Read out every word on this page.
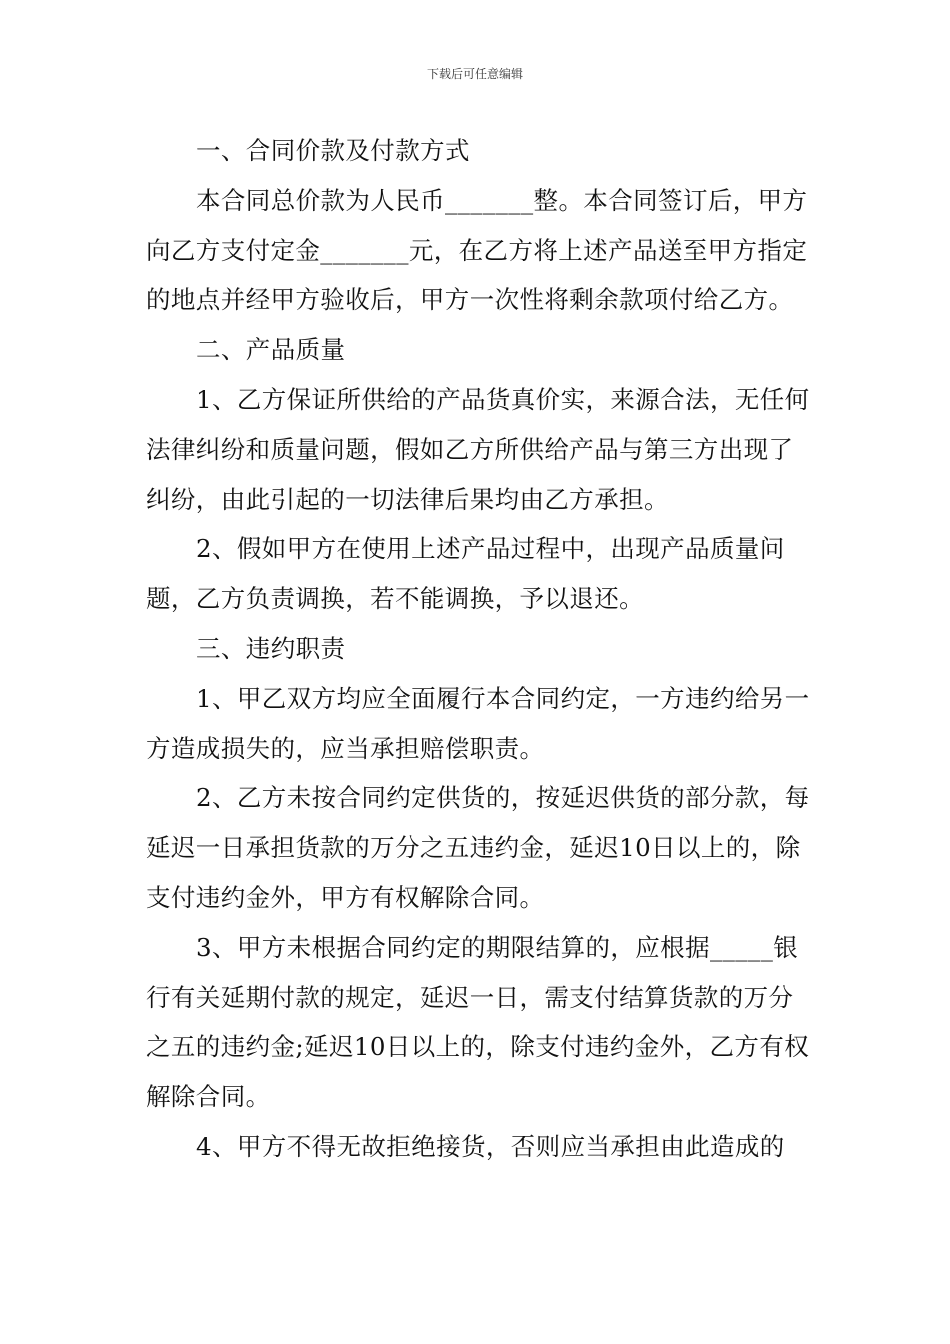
下载后可任意编辑

一、合同价款及付款方式

本合同总价款为人民币_______整。本合同签订后，甲方向乙方支付定金_______元，在乙方将上述产品送至甲方指定的地点并经甲方验收后，甲方一次性将剩余款项付给乙方。

二、产品质量

1、乙方保证所供给的产品货真价实，来源合法，无任何法律纠纷和质量问题，假如乙方所供给产品与第三方出现了纠纷，由此引起的一切法律后果均由乙方承担。

2、假如甲方在使用上述产品过程中，出现产品质量问题，乙方负责调换，若不能调换，予以退还。

三、违约职责

1、甲乙双方均应全面履行本合同约定，一方违约给另一方造成损失的，应当承担赔偿职责。

2、乙方未按合同约定供货的，按延迟供货的部分款，每延迟一日承担货款的万分之五违约金，延迟10日以上的，除支付违约金外，甲方有权解除合同。

3、甲方未根据合同约定的期限结算的，应根据_____银行有关延期付款的规定，延迟一日，需支付结算货款的万分之五的违约金;延迟10日以上的，除支付违约金外，乙方有权解除合同。

4、甲方不得无故拒绝接货，否则应当承担由此造成的
